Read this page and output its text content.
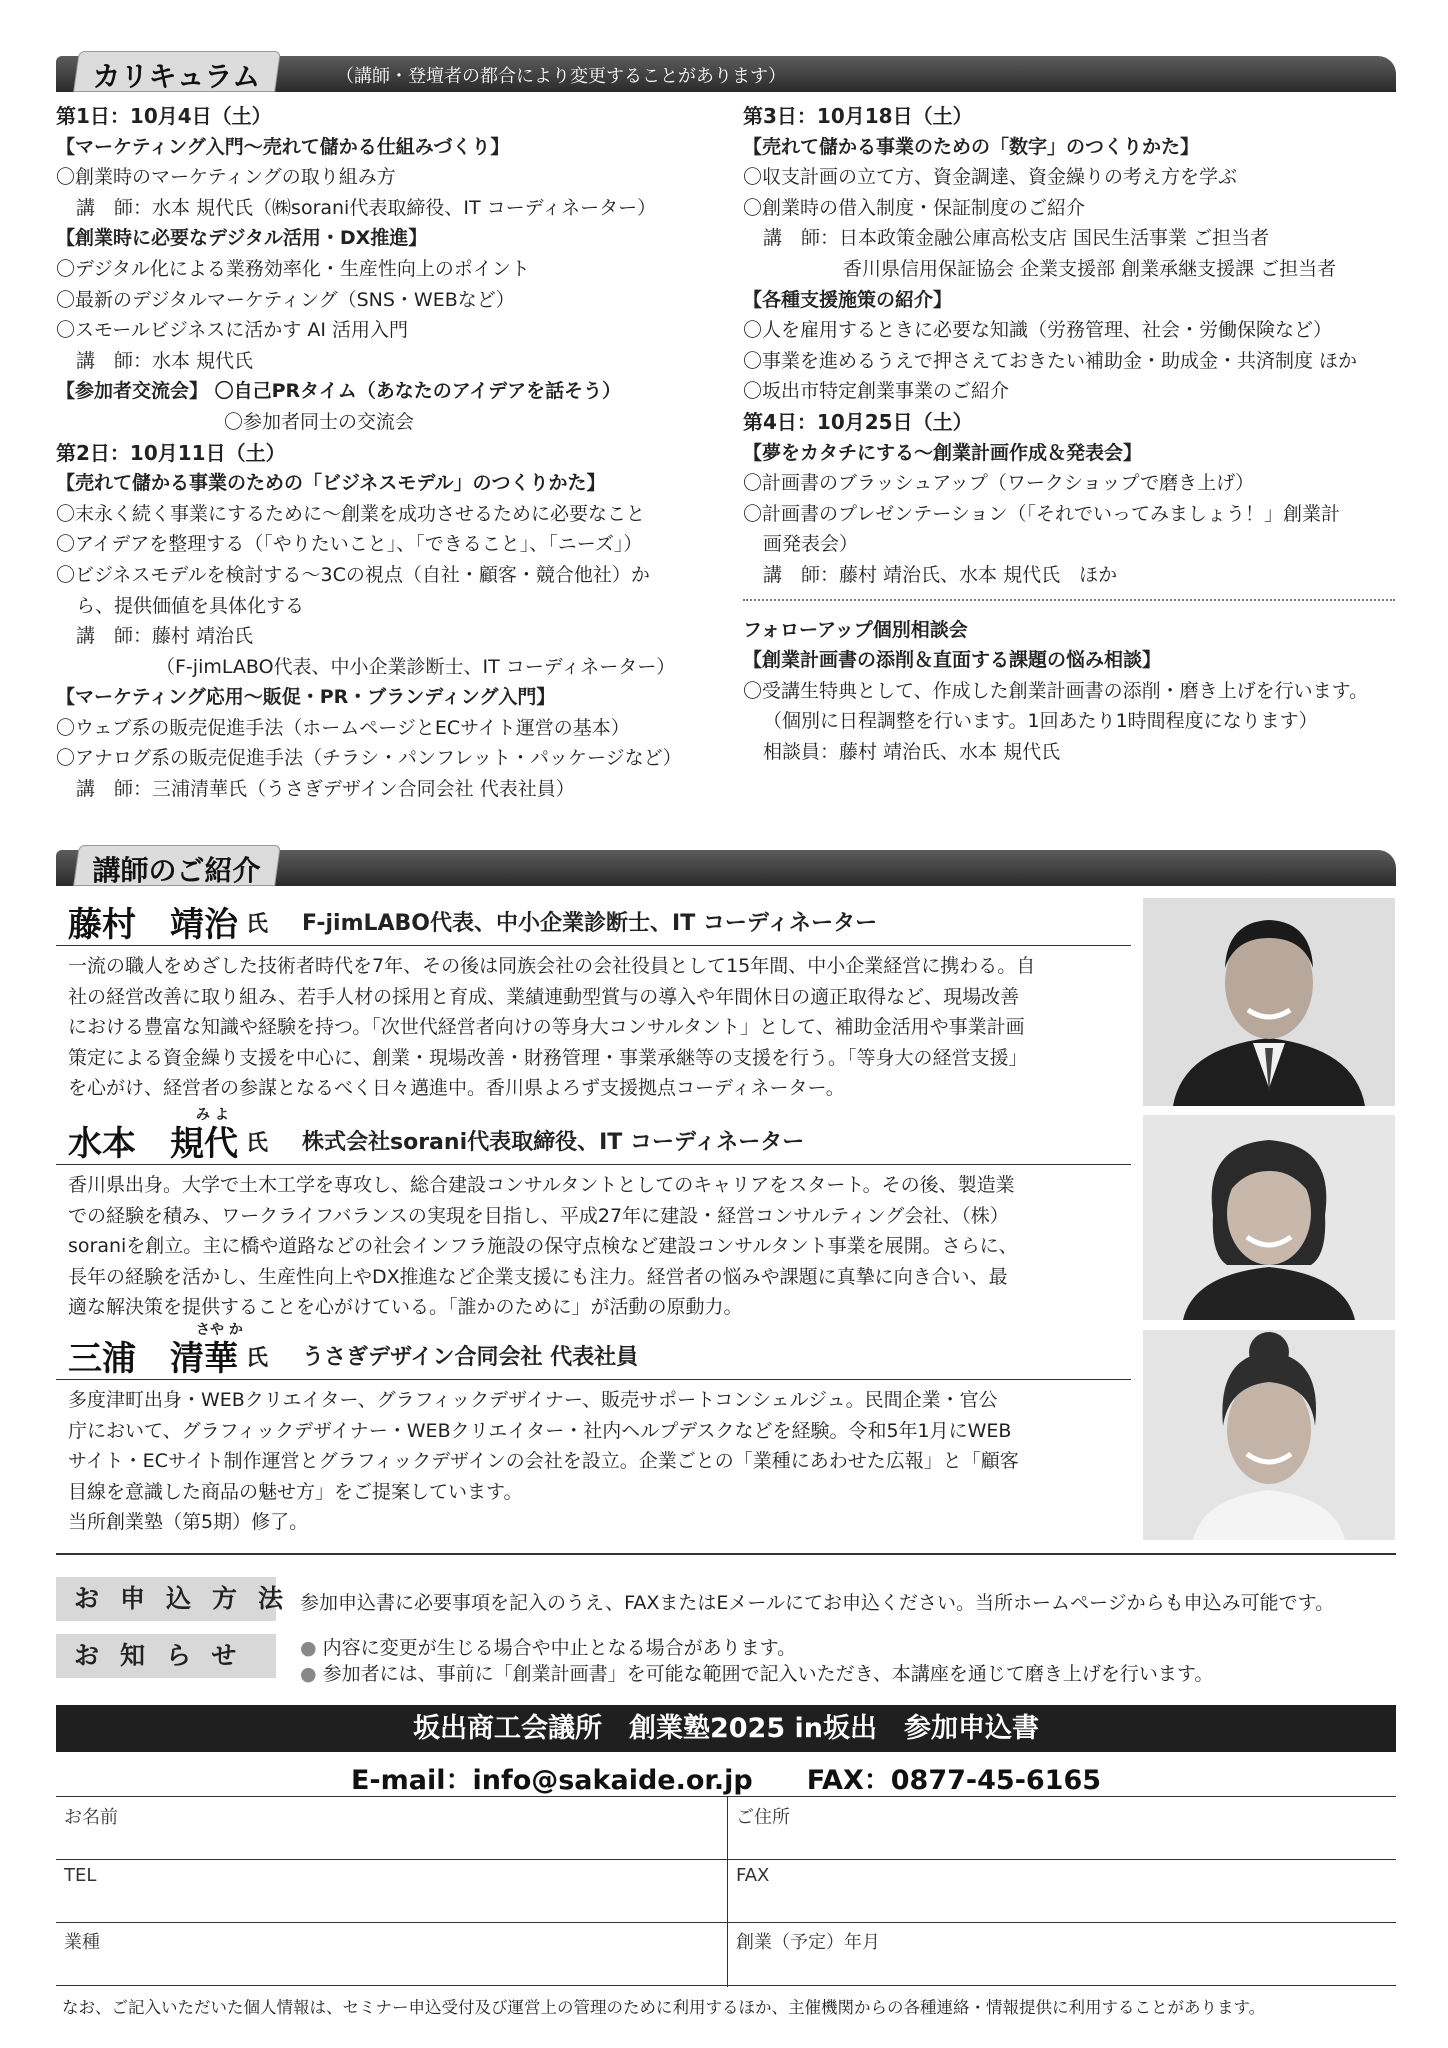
カリキュラム	（講師・登壇者の都合により変更することがあります）
第1日：10月4日（土）
【マーケティング入門〜売れて儲かる仕組みづくり】
〇創業時のマーケティングの取り組み方
講　師：水本 規代氏（㈱sorani代表取締役、IT コーディネーター）
【創業時に必要なデジタル活用・DX推進】
〇デジタル化による業務効率化・生産性向上のポイント
〇最新のデジタルマーケティング（SNS・WEBなど）
〇スモールビジネスに活かす AI 活用入門
講　師：水本 規代氏
【参加者交流会】 〇自己PRタイム（あなたのアイデアを話そう）
〇参加者同士の交流会
第2日：10月11日（土）
【売れて儲かる事業のための「ビジネスモデル」のつくりかた】
〇末永く続く事業にするために〜創業を成功させるために必要なこと
〇アイデアを整理する（「やりたいこと」、「できること」、「ニーズ」）
〇ビジネスモデルを検討する〜3Cの視点（自社・顧客・競合他社）か
ら、提供価値を具体化する
講　師：藤村 靖治氏
（F-jimLABO代表、中小企業診断士、IT コーディネーター）
【マーケティング応用〜販促・PR・ブランディング入門】
〇ウェブ系の販売促進手法（ホームページとECサイト運営の基本）
〇アナログ系の販売促進手法（チラシ・パンフレット・パッケージなど）
講　師：三浦清華氏（うさぎデザイン合同会社 代表社員）
第3日：10月18日（土）
【売れて儲かる事業のための「数字」のつくりかた】
〇収支計画の立て方、資金調達、資金繰りの考え方を学ぶ
〇創業時の借入制度・保証制度のご紹介
講　師：日本政策金融公庫高松支店 国民生活事業 ご担当者
香川県信用保証協会 企業支援部 創業承継支援課 ご担当者
【各種支援施策の紹介】
〇人を雇用するときに必要な知識（労務管理、社会・労働保険など）
〇事業を進めるうえで押さえておきたい補助金・助成金・共済制度 ほか
〇坂出市特定創業事業のご紹介
第4日：10月25日（土）
【夢をカタチにする〜創業計画作成＆発表会】
〇計画書のブラッシュアップ（ワークショップで磨き上げ）
〇計画書のプレゼンテーション（「それでいってみましょう！」創業計
画発表会）
講　師：藤村 靖治氏、水本 規代氏　ほか
フォローアップ個別相談会
【創業計画書の添削＆直面する課題の悩み相談】
〇受講生特典として、作成した創業計画書の添削・磨き上げを行います。
（個別に日程調整を行います。1回あたり1時間程度になります）
相談員：藤村 靖治氏、水本 規代氏
講師のご紹介
藤村　靖治 氏 F-jimLABO代表、中小企業診断士、IT コーディネーター
一流の職人をめざした技術者時代を7年、その後は同族会社の会社役員として15年間、中小企業経営に携わる。自
社の経営改善に取り組み、若手人材の採用と育成、業績連動型賞与の導入や年間休日の適正取得など、現場改善
における豊富な知識や経験を持つ。「次世代経営者向けの等身大コンサルタント」として、補助金活用や事業計画
策定による資金繰り支援を中心に、創業・現場改善・財務管理・事業承継等の支援を行う。「等身大の経営支援」
を心がけ、経営者の参謀となるべく日々邁進中。香川県よろず支援拠点コーディネーター。
み よ
水本　規代 氏 株式会社sorani代表取締役、IT コーディネーター
香川県出身。大学で土木工学を専攻し、総合建設コンサルタントとしてのキャリアをスタート。その後、製造業
での経験を積み、ワークライフバランスの実現を目指し、平成27年に建設・経営コンサルティング会社、（株）
soraniを創立。主に橋や道路などの社会インフラ施設の保守点検など建設コンサルタント事業を展開。さらに、
長年の経験を活かし、生産性向上やDX推進など企業支援にも注力。経営者の悩みや課題に真摯に向き合い、最
適な解決策を提供することを心がけている。「誰かのために」が活動の原動力。
さや か
三浦　清華 氏 うさぎデザイン合同会社 代表社員
多度津町出身・WEBクリエイター、グラフィックデザイナー、販売サポートコンシェルジュ。民間企業・官公
庁において、グラフィックデザイナー・WEBクリエイター・社内ヘルプデスクなどを経験。令和5年1月にWEB
サイト・ECサイト制作運営とグラフィックデザインの会社を設立。企業ごとの「業種にあわせた広報」と「顧客
目線を意識した商品の魅せ方」をご提案しています。
当所創業塾（第5期）修了。
お申込方法
参加申込書に必要事項を記入のうえ、FAXまたはEメールにてお申込ください。当所ホームページからも申込み可能です。
お知らせ	● 内容に変更が生じる場合や中止となる場合があります。
● 参加者には、事前に「創業計画書」を可能な範囲で記入いただき、本講座を通じて磨き上げを行います。
坂出商工会議所　創業塾2025 in坂出　参加申込書
E-mail：info@sakaide.or.jp　　FAX：0877-45-6165
お名前	ご住所
TEL	FAX
業種	創業（予定）年月
なお、ご記入いただいた個人情報は、セミナー申込受付及び運営上の管理のために利用するほか、主催機関からの各種連絡・情報提供に利用することがあります。
